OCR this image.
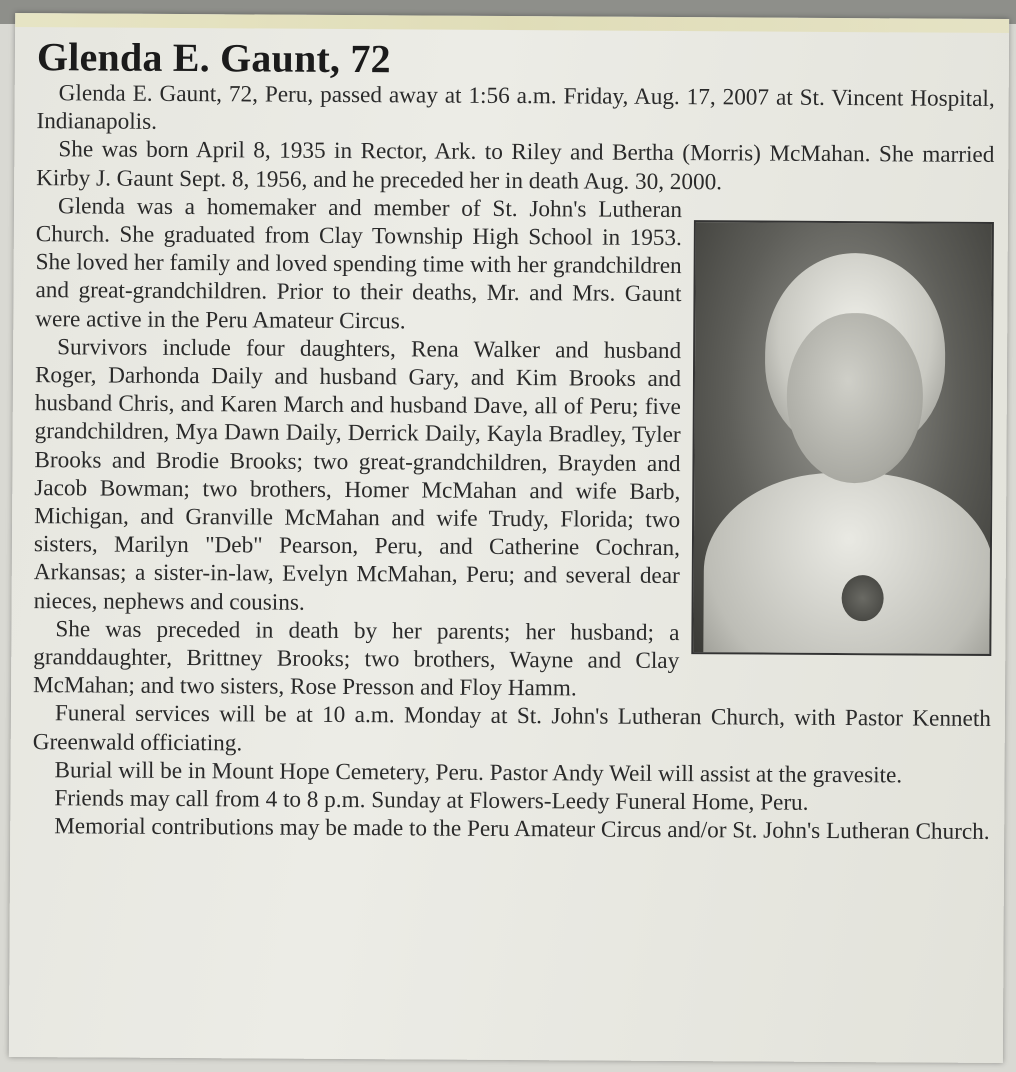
Glenda E. Gaunt, 72

Glenda E. Gaunt, 72, Peru, passed away at 1:56 a.m. Friday, Aug. 17, 2007 at St. Vincent Hospital, Indianapolis.

She was born April 8, 1935 in Rector, Ark. to Riley and Bertha (Morris) McMahan. She married Kirby J. Gaunt Sept. 8, 1956, and he preceded her in death Aug. 30, 2000.

Glenda was a homemaker and member of St. John's Lutheran Church. She graduated from Clay Township High School in 1953. She loved her family and loved spending time with her grandchildren and great-grandchildren. Prior to their deaths, Mr. and Mrs. Gaunt were active in the Peru Amateur Circus.

Survivors include four daughters, Rena Walker and husband Roger, Darhonda Daily and husband Gary, and Kim Brooks and husband Chris, and Karen March and husband Dave, all of Peru; five grandchildren, Mya Dawn Daily, Derrick Daily, Kayla Bradley, Tyler Brooks and Brodie Brooks; two great-grandchildren, Brayden and Jacob Bowman; two brothers, Homer McMahan and wife Barb, Michigan, and Granville McMahan and wife Trudy, Florida; two sisters, Marilyn "Deb" Pearson, Peru, and Catherine Cochran, Arkansas; a sister-in-law, Evelyn McMahan, Peru; and several dear nieces, nephews and cousins.

She was preceded in death by her parents; her husband; a granddaughter, Brittney Brooks; two brothers, Wayne and Clay McMahan; and two sisters, Rose Presson and Floy Hamm.

Funeral services will be at 10 a.m. Monday at St. John's Lutheran Church, with Pastor Kenneth Greenwald officiating.

Burial will be in Mount Hope Cemetery, Peru. Pastor Andy Weil will assist at the gravesite.

Friends may call from 4 to 8 p.m. Sunday at Flowers-Leedy Funeral Home, Peru.

Memorial contributions may be made to the Peru Amateur Circus and/or St. John's Lutheran Church.
